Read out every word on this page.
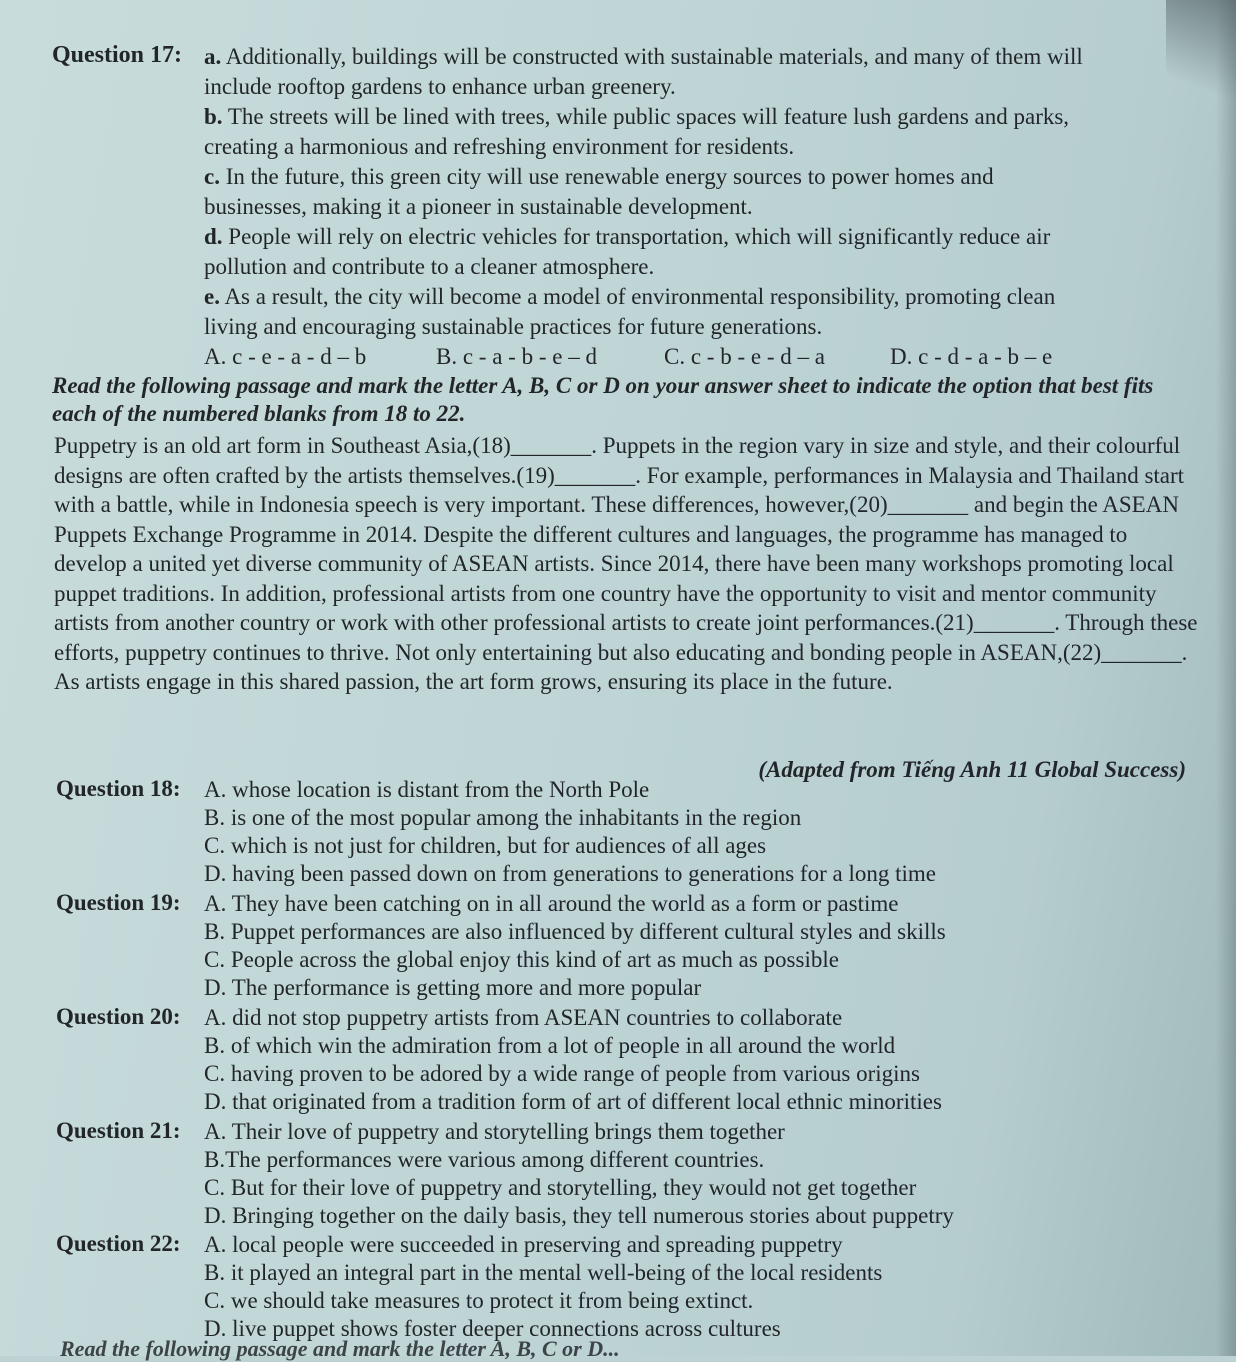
Question 17: a. Additionally, buildings will be constructed with sustainable materials, and many of them will
include rooftop gardens to enhance urban greenery.
b. The streets will be lined with trees, while public spaces will feature lush gardens and parks,
creating a harmonious and refreshing environment for residents.
c. In the future, this green city will use renewable energy sources to power homes and
businesses, making it a pioneer in sustainable development.
d. People will rely on electric vehicles for transportation, which will significantly reduce air
pollution and contribute to a cleaner atmosphere.
e. As a result, the city will become a model of environmental responsibility, promoting clean
living and encouraging sustainable practices for future generations.
A. c - e - a - d – b	B. c - a - b - e – d	C. c - b - e - d – a	D. c - d - a - b – e
Read the following passage and mark the letter A, B, C or D on your answer sheet to indicate the option that best fits each of the numbered blanks from 18 to 22.
Puppetry is an old art form in Southeast Asia,(18)_______. Puppets in the region vary in size and style, and their colourful designs are often crafted by the artists themselves.(19)_______. For example, performances in Malaysia and Thailand start with a battle, while in Indonesia speech is very important. These differences, however,(20)_______ and begin the ASEAN Puppets Exchange Programme in 2014. Despite the different cultures and languages, the programme has managed to develop a united yet diverse community of ASEAN artists. Since 2014, there have been many workshops promoting local puppet traditions. In addition, professional artists from one country have the opportunity to visit and mentor community artists from another country or work with other professional artists to create joint performances.(21)_______. Through these efforts, puppetry continues to thrive. Not only entertaining but also educating and bonding people in ASEAN,(22)_______. As artists engage in this shared passion, the art form grows, ensuring its place in the future.
(Adapted from Tiếng Anh 11 Global Success)
Question 18: A. whose location is distant from the North Pole
B. is one of the most popular among the inhabitants in the region
C. which is not just for children, but for audiences of all ages
D. having been passed down on from generations to generations for a long time
Question 19: A. They have been catching on in all around the world as a form or pastime
B. Puppet performances are also influenced by different cultural styles and skills
C. People across the global enjoy this kind of art as much as possible
D. The performance is getting more and more popular
Question 20: A. did not stop puppetry artists from ASEAN countries to collaborate
B. of which win the admiration from a lot of people in all around the world
C. having proven to be adored by a wide range of people from various origins
D. that originated from a tradition form of art of different local ethnic minorities
Question 21: A. Their love of puppetry and storytelling brings them together
B.The performances were various among different countries.
C. But for their love of puppetry and storytelling, they would not get together
D. Bringing together on the daily basis, they tell numerous stories about puppetry
Question 22: A. local people were succeeded in preserving and spreading puppetry
B. it played an integral part in the mental well-being of the local residents
C. we should take measures to protect it from being extinct.
D. live puppet shows foster deeper connections across cultures
Read the following passage and mark the letter A, B, C or D...
